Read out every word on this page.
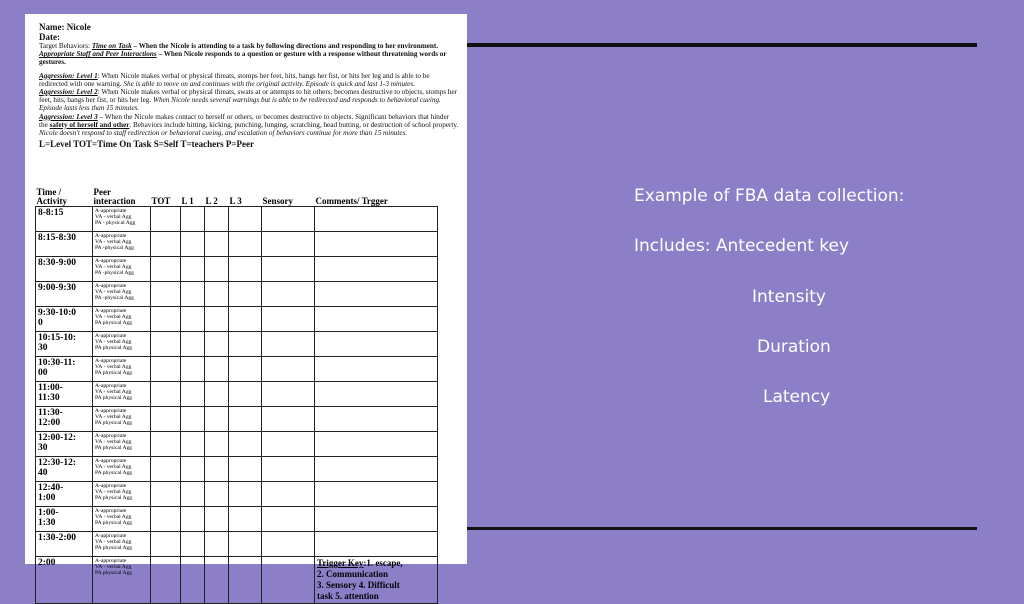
Name: Nicole

Date:

Target Behaviors: Time on Task – When the Nicole is attending to a task by following directions and responding to her environment. Appropriate Staff and Peer Interactions – When Nicole responds to a question or gesture with a response without threatening words or gestures.

Aggression: Level 1: When Nicole makes verbal or physical threats, stomps her feet, hits, bangs her fist, or hits her leg and is able to be redirected with one warning. She is able to move on and continues with the original activity. Episode is quick and last 1-3 minutes.

Aggression: Level 2: When Nicole makes verbal or physical threats, swats at or attempts to hit others, becomes destructive to objects, stomps her feet, hits, bangs her fist, or hits her leg. When Nicole needs several warnings but is able to be redirected and responds to behavioral cueing. Episode lasts less than 15 minutes.

Aggression: Level 3 – When the Nicole makes contact to herself or others, or becomes destructive to objects. Significant behaviors that hinder the safety of herself and other. Behaviors include hitting, kicking, punching, lunging, scratching, head butting, or destruction of school property. Nicole doesn't respond to staff redirection or behavioral cueing, and escalation of behaviors continue for more than 15 minutes.

L=Level TOT=Time On Task S=Self T=teachers P=Peer

Time /
Activity	Peer
interaction	TOT	L 1	L 2	L 3	Sensory	Comments/ Trgger
8-8:15	A-appropriate
VA - verbal Agg
PA - physical Agg						
8:15-8:30	A-appropriate
VA - verbal Agg
PA -physical Agg						
8:30-9:00	A-appropriate
VA - verbal Agg
PA -physical Agg						
9:00-9:30	A-appropriate
VA - verbal Agg
PA -physical Agg						
9:30-10:0
0	A-appropriate
VA - verbal Agg
PA physical Agg						
10:15-10:
30	A-appropriate
VA - verbal Agg
PA physical Agg						
10:30-11:
00	A-appropriate
VA - verbal Agg
PA physical Agg						
11:00-
11:30	A-appropriate
VA - verbal Agg
PA physical Agg						
11:30-
12:00	A-appropriate
VA - verbal Agg
PA physical Agg						
12:00-12:
30	A-appropriate
VA - verbal Agg
PA physical Agg						
12:30-12:
40	A-appropriate
VA - verbal Agg
PA physical Agg						
12:40-
1:00	A-appropriate
VA - verbal Agg
PA physical Agg						
1:00-
1:30	A-appropriate
VA - verbal Agg
PA physical Agg						
1:30-2:00	A-appropriate
VA - verbal Agg
PA physical Agg						
2:00	A-appropriate
VA - verbal Agg
PA physical Agg						Trigger Key:1. escape,
2. Communication
3. Sensory 4. Difficult
task 5. attention
Example of FBA data collection:
Includes: Antecedent key
Intensity
Duration
Latency
